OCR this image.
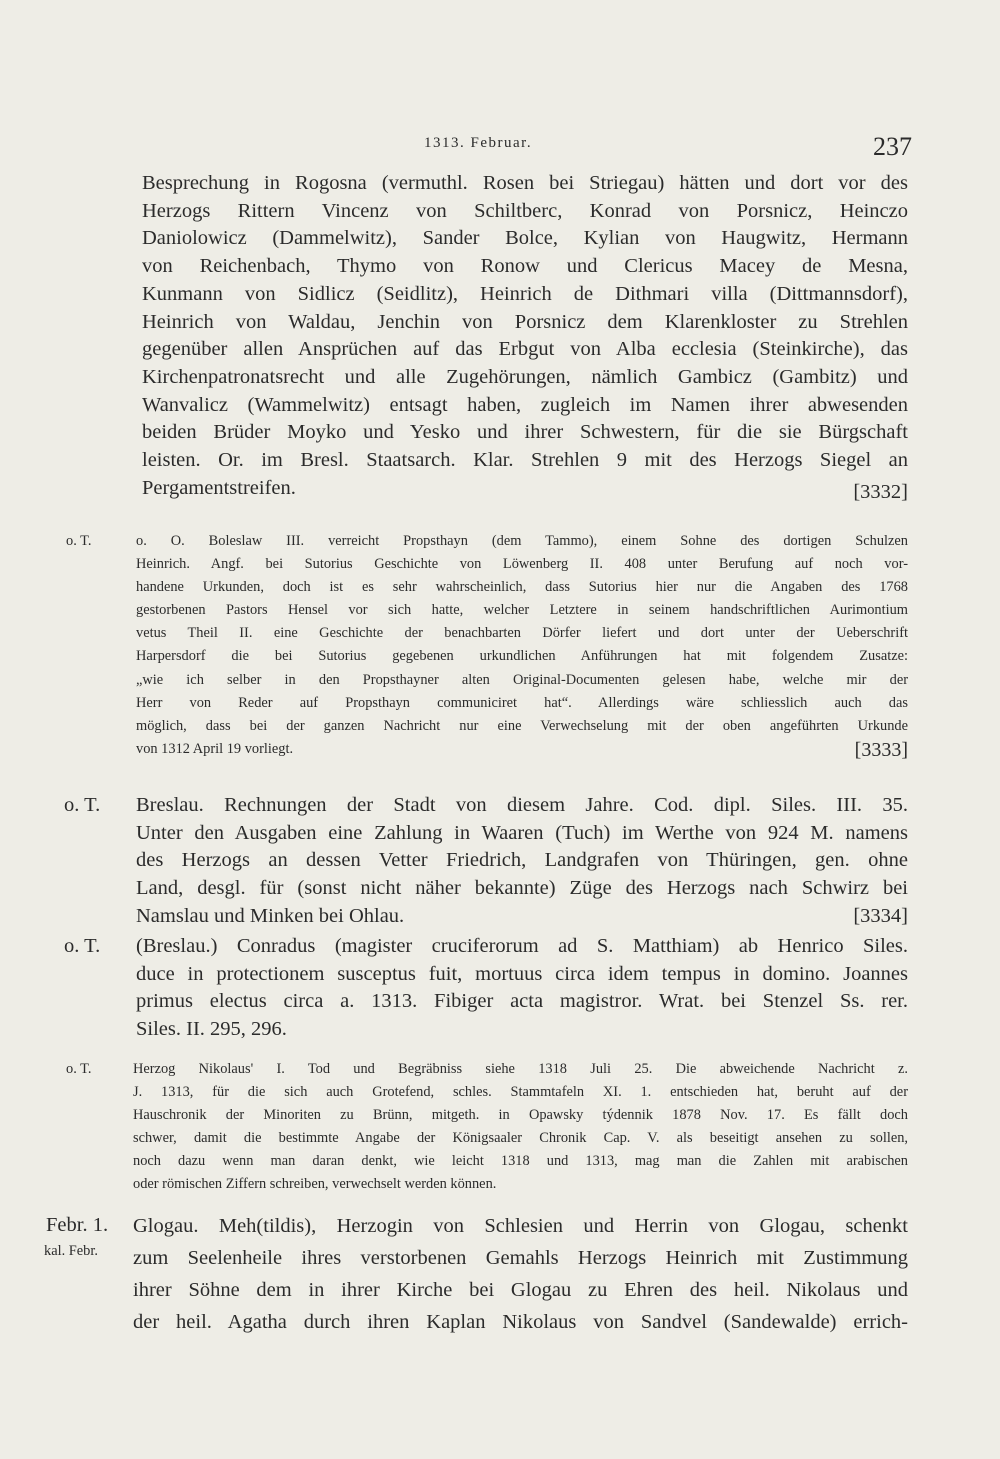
1313. Februar.	237
Besprechung in Rogosna (vermuthl. Rosen bei Striegau) hätten und dort vor des
Herzogs Rittern Vincenz von Schiltberc, Konrad von Porsnicz, Heinczo
Daniolowicz (Dammelwitz), Sander Bolce, Kylian von Haugwitz, Hermann
von Reichenbach, Thymo von Ronow und Clericus Macey de Mesna,
Kunmann von Sidlicz (Seidlitz), Heinrich de Dithmari villa (Dittmannsdorf),
Heinrich von Waldau, Jenchin von Porsnicz dem Klarenkloster zu Strehlen
gegenüber allen Ansprüchen auf das Erbgut von Alba ecclesia (Steinkirche), das
Kirchenpatronatsrecht und alle Zugehörungen, nämlich Gambicz (Gambitz) und
Wanvalicz (Wammelwitz) entsagt haben, zugleich im Namen ihrer abwesenden
beiden Brüder Moyko und Yesko und ihrer Schwestern, für die sie Bürgschaft
leisten. Or. im Bresl. Staatsarch. Klar. Strehlen 9 mit des Herzogs Siegel an
Pergamentstreifen.	[3332]
o. T.	o. O. Boleslaw III. verreicht Propsthayn (dem Tammo), einem Sohne des dortigen Schulzen
Heinrich. Angf. bei Sutorius Geschichte von Löwenberg II. 408 unter Berufung auf noch vor-
handene Urkunden, doch ist es sehr wahrscheinlich, dass Sutorius hier nur die Angaben des 1768
gestorbenen Pastors Hensel vor sich hatte, welcher Letztere in seinem handschriftlichen Aurimontium
vetus Theil II. eine Geschichte der benachbarten Dörfer liefert und dort unter der Ueberschrift
Harpersdorf die bei Sutorius gegebenen urkundlichen Anführungen hat mit folgendem Zusatze:
„wie ich selber in den Propsthayner alten Original-Documenten gelesen habe, welche mir der
Herr von Reder auf Propsthayn communiciret hat“. Allerdings wäre schliesslich auch das
möglich, dass bei der ganzen Nachricht nur eine Verwechselung mit der oben angeführten Urkunde
von 1312 April 19 vorliegt.	[3333]
o. T. Breslau. Rechnungen der Stadt von diesem Jahre. Cod. dipl. Siles. III. 35.
Unter den Ausgaben eine Zahlung in Waaren (Tuch) im Werthe von 924 M. namens
des Herzogs an dessen Vetter Friedrich, Landgrafen von Thüringen, gen. ohne
Land, desgl. für (sonst nicht näher bekannte) Züge des Herzogs nach Schwirz bei
Namslau und Minken bei Ohlau.	[3334]
o. T. (Breslau.) Conradus (magister cruciferorum ad S. Matthiam) ab Henrico Siles.
duce in protectionem susceptus fuit, mortuus circa idem tempus in domino. Joannes
primus electus circa a. 1313. Fibiger acta magistror. Wrat. bei Stenzel Ss. rer.
Siles. II. 295, 296.
o. T.	Herzog Nikolaus' I. Tod und Begräbniss siehe 1318 Juli 25. Die abweichende Nachricht z.
J. 1313, für die sich auch Grotefend, schles. Stammtafeln XI. 1. entschieden hat, beruht auf der
Hauschronik der Minoriten zu Brünn, mitgeth. in Opawsky týdennik 1878 Nov. 17. Es fällt doch
schwer, damit die bestimmte Angabe der Königsaaler Chronik Cap. V. als beseitigt ansehen zu sollen,
noch dazu wenn man daran denkt, wie leicht 1318 und 1313, mag man die Zahlen mit arabischen
oder römischen Ziffern schreiben, verwechselt werden können.
Febr. 1.
kal. Febr.
Glogau. Meh(tildis), Herzogin von Schlesien und Herrin von Glogau, schenkt
zum Seelenheile ihres verstorbenen Gemahls Herzogs Heinrich mit Zustimmung
ihrer Söhne dem in ihrer Kirche bei Glogau zu Ehren des heil. Nikolaus und
der heil. Agatha durch ihren Kaplan Nikolaus von Sandvel (Sandewalde) errich-
